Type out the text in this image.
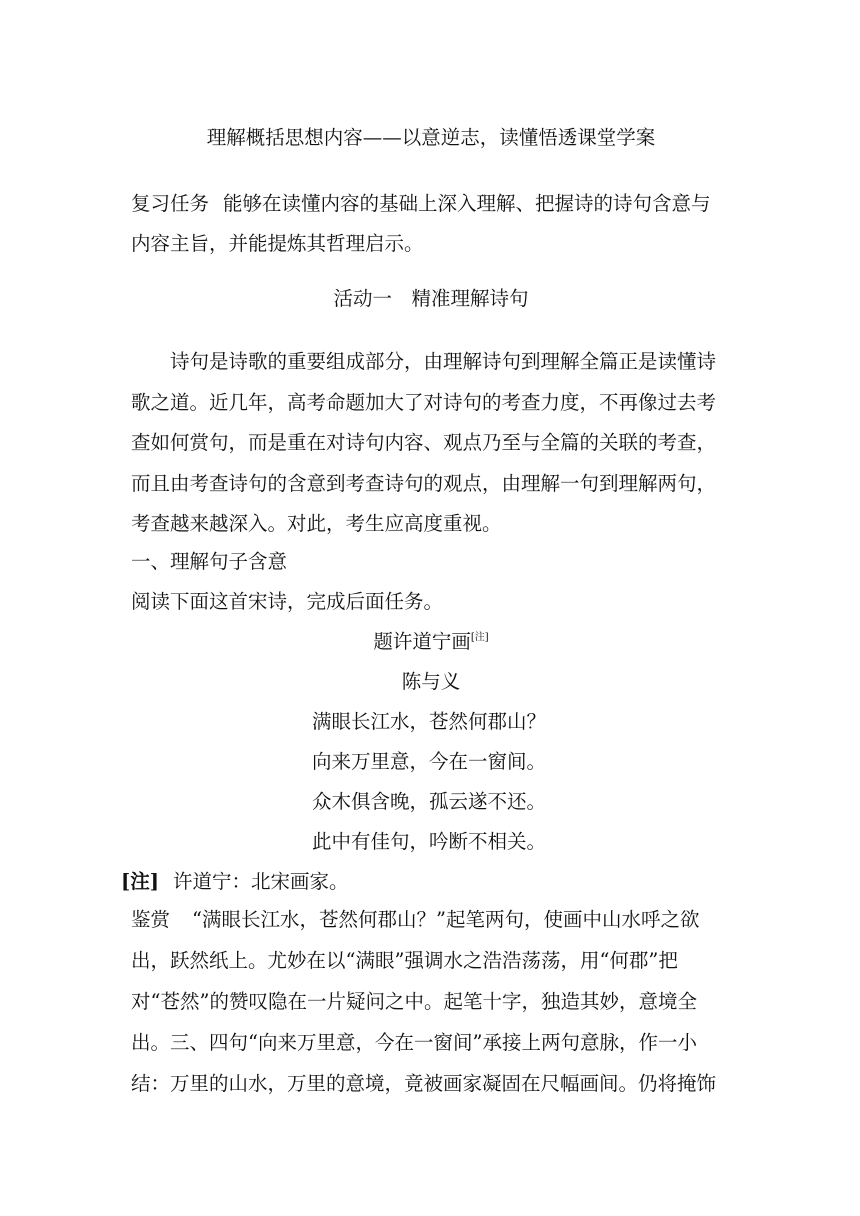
理解概括思想内容——以意逆志，读懂悟透课堂学案
复习任务 能够在读懂内容的基础上深入理解、把握诗的诗句含意与
内容主旨，并能提炼其哲理启示。
活动一　精准理解诗句
诗句是诗歌的重要组成部分，由理解诗句到理解全篇正是读懂诗
歌之道。近几年，高考命题加大了对诗句的考查力度，不再像过去考
查如何赏句，而是重在对诗句内容、观点乃至与全篇的关联的考查，
而且由考查诗句的含意到考查诗句的观点，由理解一句到理解两句，
考查越来越深入。对此，考生应高度重视。
一、理解句子含意
阅读下面这首宋诗，完成后面任务。
题许道宁画[注]
陈与义
满眼长江水，苍然何郡山？
向来万里意，今在一窗间。
众木俱含晚，孤云遂不还。
此中有佳句，吟断不相关。
[注] 许道宁：北宋画家。
鉴赏 “满眼长江水，苍然何郡山？”起笔两句，使画中山水呼之欲
出，跃然纸上。尤妙在以“满眼”强调水之浩浩荡荡，用“何郡”把
对“苍然”的赞叹隐在一片疑问之中。起笔十字，独造其妙，意境全
出。三、四句“向来万里意，今在一窗间”承接上两句意脉，作一小
结：万里的山水，万里的意境，竟被画家凝固在尺幅画间。仍将掩饰
